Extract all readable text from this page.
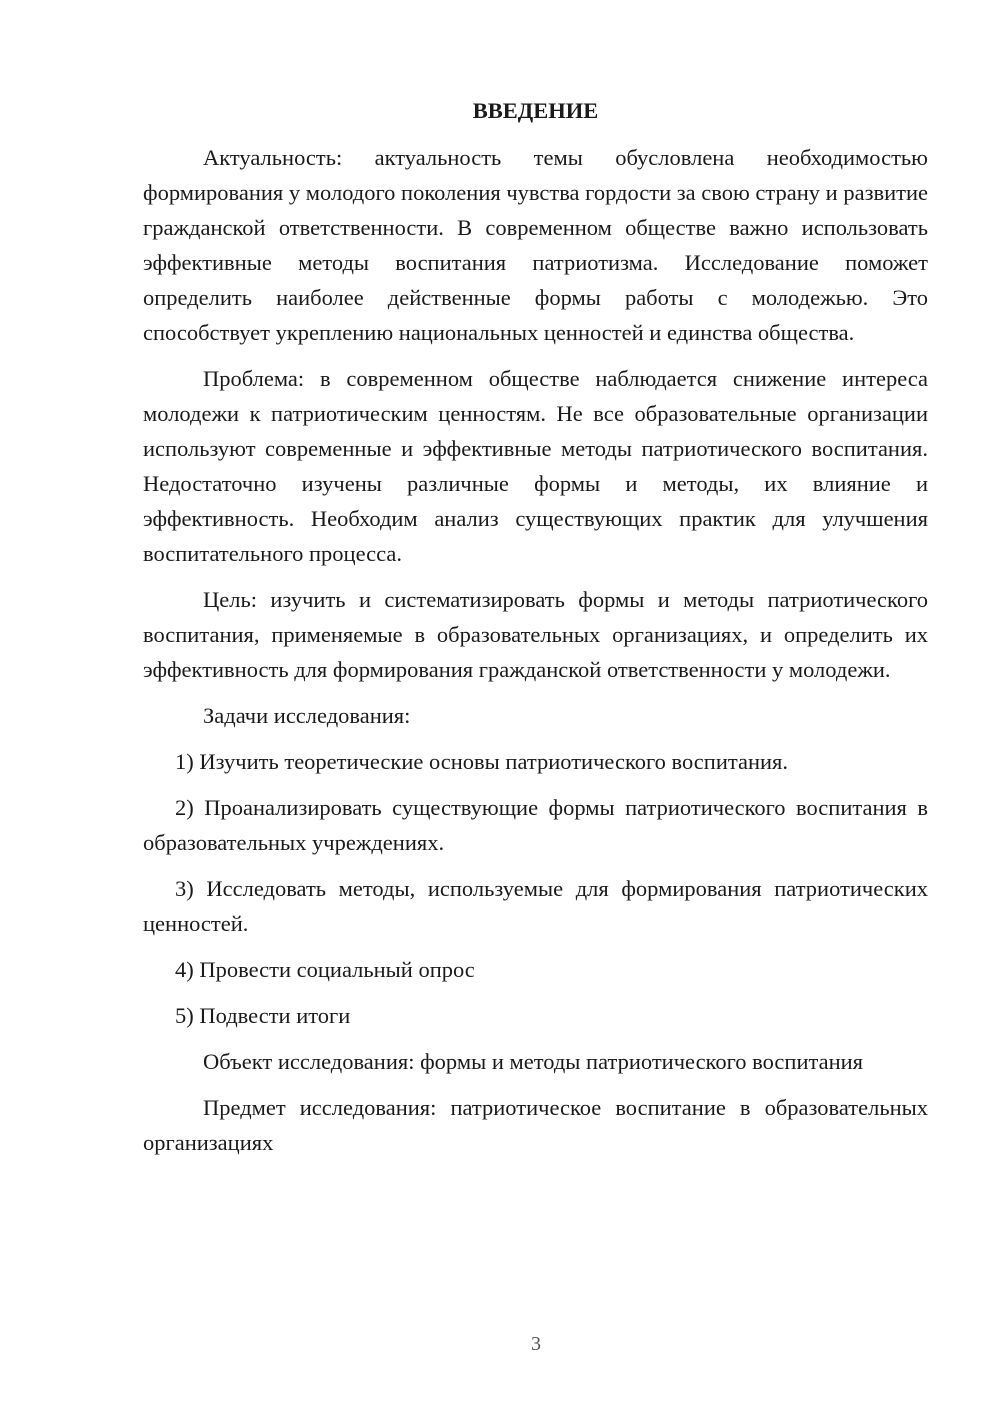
ВВЕДЕНИЕ

Актуальность: актуальность темы обусловлена необходимостью формирования у молодого поколения чувства гордости за свою страну и развитие гражданской ответственности. В современном обществе важно использовать эффективные методы воспитания патриотизма. Исследование поможет определить наиболее действенные формы работы с молодежью. Это способствует укреплению национальных ценностей и единства общества.

Проблема: в современном обществе наблюдается снижение интереса молодежи к патриотическим ценностям. Не все образовательные организации используют современные и эффективные методы патриотического воспитания. Недостаточно изучены различные формы и методы, их влияние и эффективность. Необходим анализ существующих практик для улучшения воспитательного процесса.

Цель: изучить и систематизировать формы и методы патриотического воспитания, применяемые в образовательных организациях, и определить их эффективность для формирования гражданской ответственности у молодежи.

Задачи исследования:

1) Изучить теоретические основы патриотического воспитания.

2) Проанализировать существующие формы патриотического воспитания в образовательных учреждениях.

3) Исследовать методы, используемые для формирования патриотических ценностей.

4) Провести социальный опрос

5) Подвести итоги

Объект исследования: формы и методы патриотического воспитания

Предмет исследования: патриотическое воспитание в образовательных организациях

3
